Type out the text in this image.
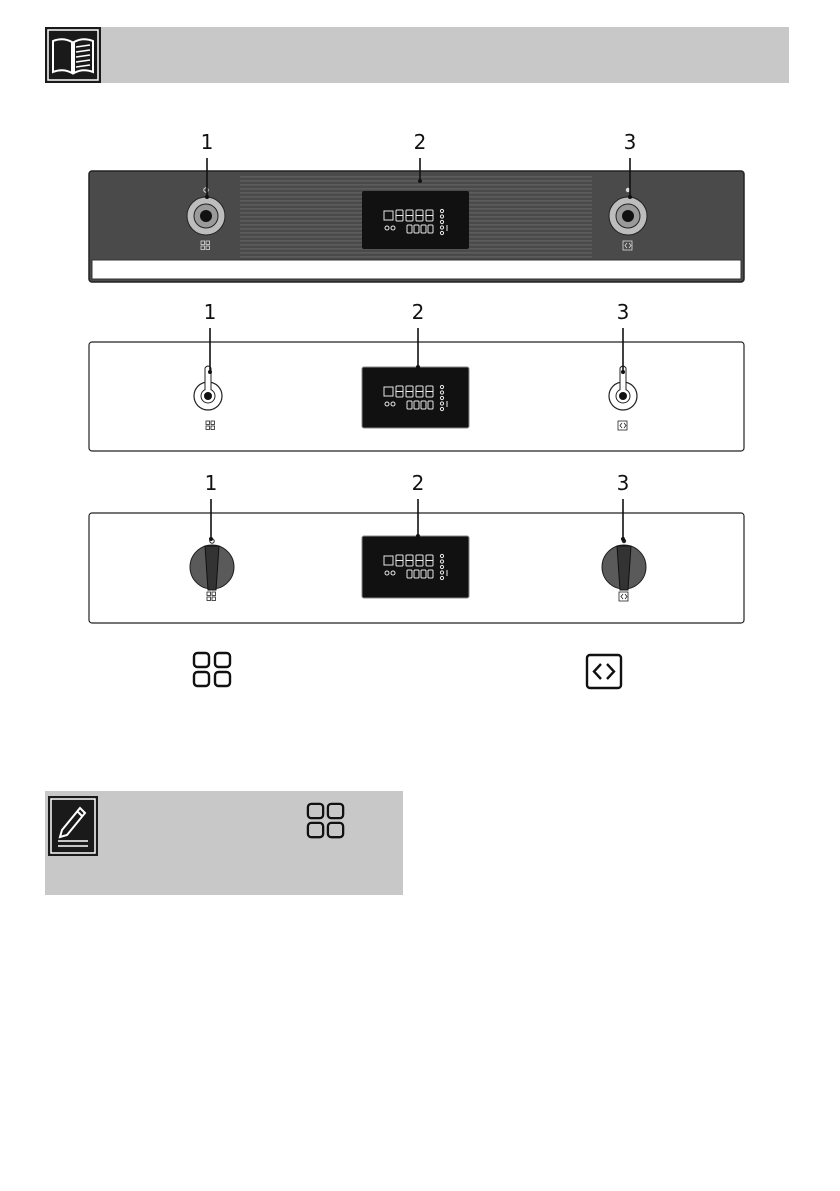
1	2	3
1	2	3
1	2	3
